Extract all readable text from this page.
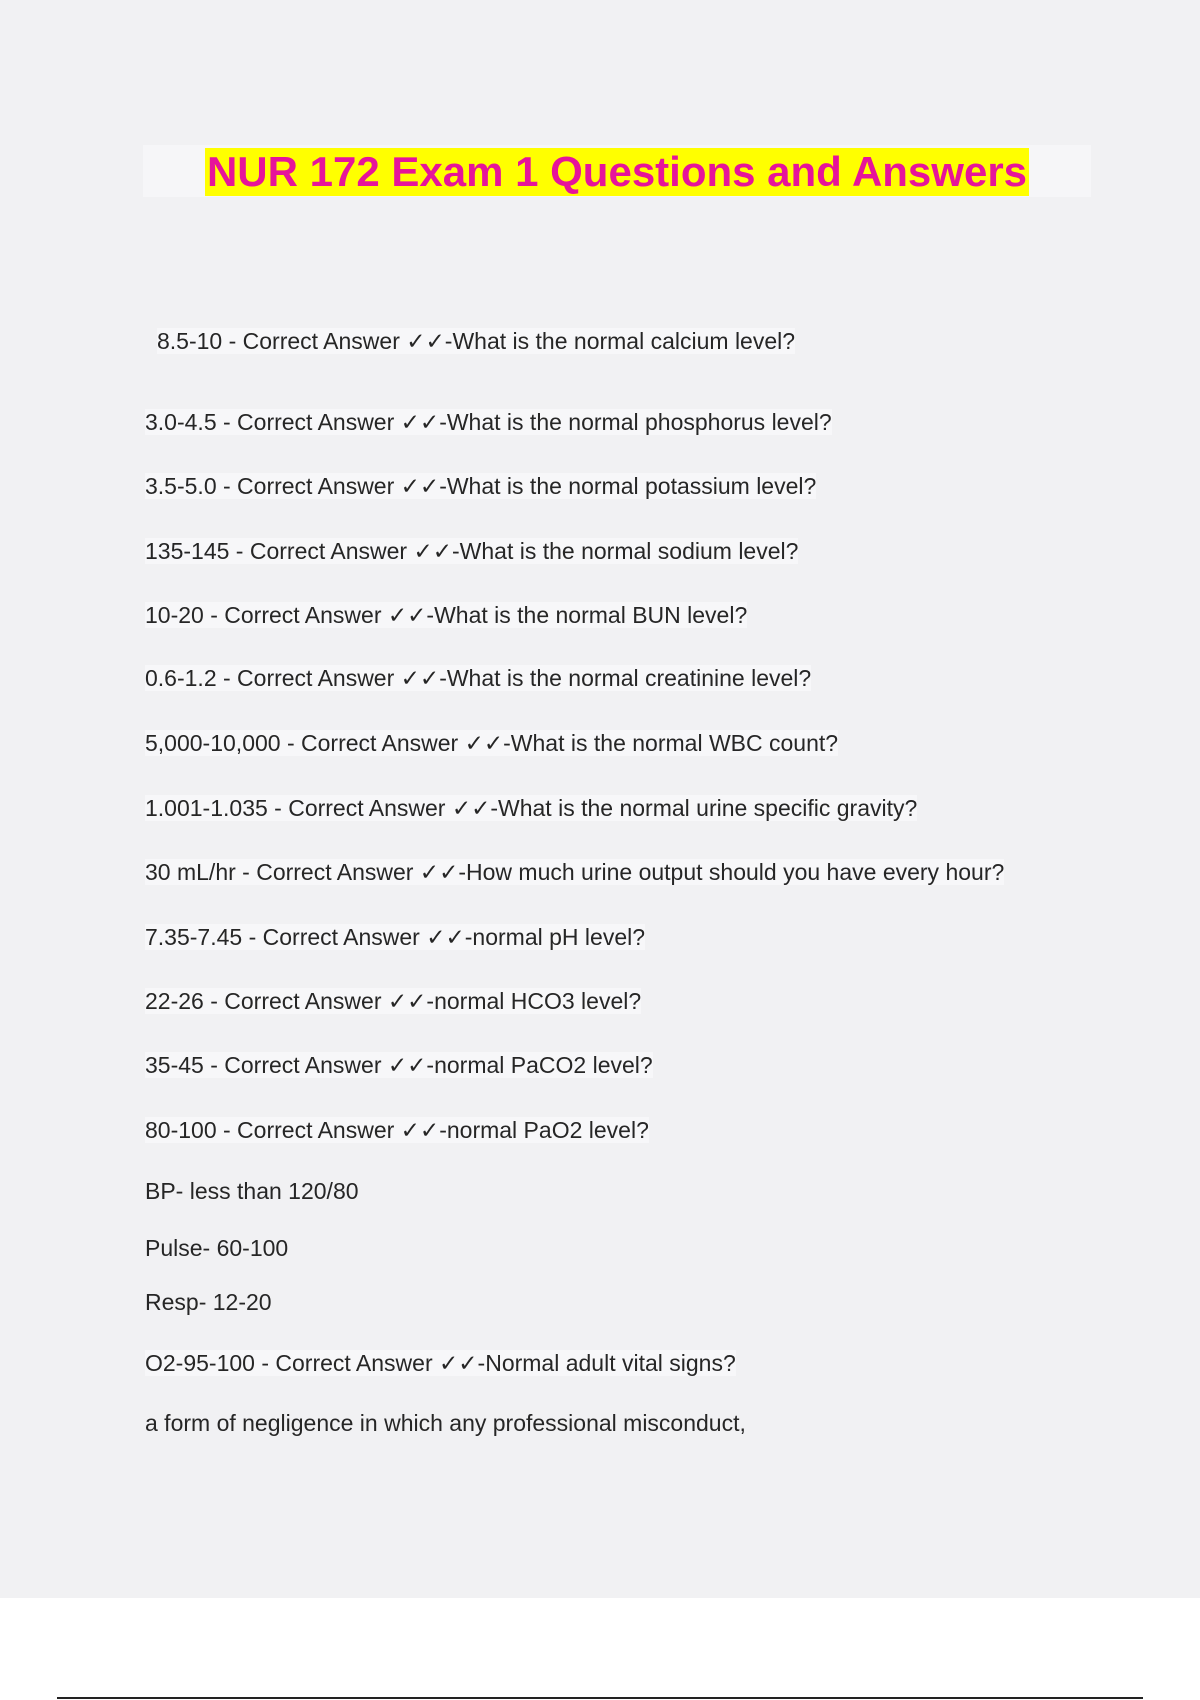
NUR 172 Exam 1 Questions and Answers
8.5-10 - Correct Answer ✓✓-What is the normal calcium level?
3.0-4.5 - Correct Answer ✓✓-What is the normal phosphorus level?
3.5-5.0 - Correct Answer ✓✓-What is the normal potassium level?
135-145 - Correct Answer ✓✓-What is the normal sodium level?
10-20 - Correct Answer ✓✓-What is the normal BUN level?
0.6-1.2 - Correct Answer ✓✓-What is the normal creatinine level?
5,000-10,000 - Correct Answer ✓✓-What is the normal WBC count?
1.001-1.035 - Correct Answer ✓✓-What is the normal urine specific gravity?
30 mL/hr - Correct Answer ✓✓-How much urine output should you have every hour?
7.35-7.45 - Correct Answer ✓✓-normal pH level?
22-26 - Correct Answer ✓✓-normal HCO3 level?
35-45 - Correct Answer ✓✓-normal PaCO2 level?
80-100 - Correct Answer ✓✓-normal PaO2 level?
BP- less than 120/80
Pulse- 60-100
Resp- 12-20
O2-95-100 - Correct Answer ✓✓-Normal adult vital signs?
a form of negligence in which any professional misconduct,
